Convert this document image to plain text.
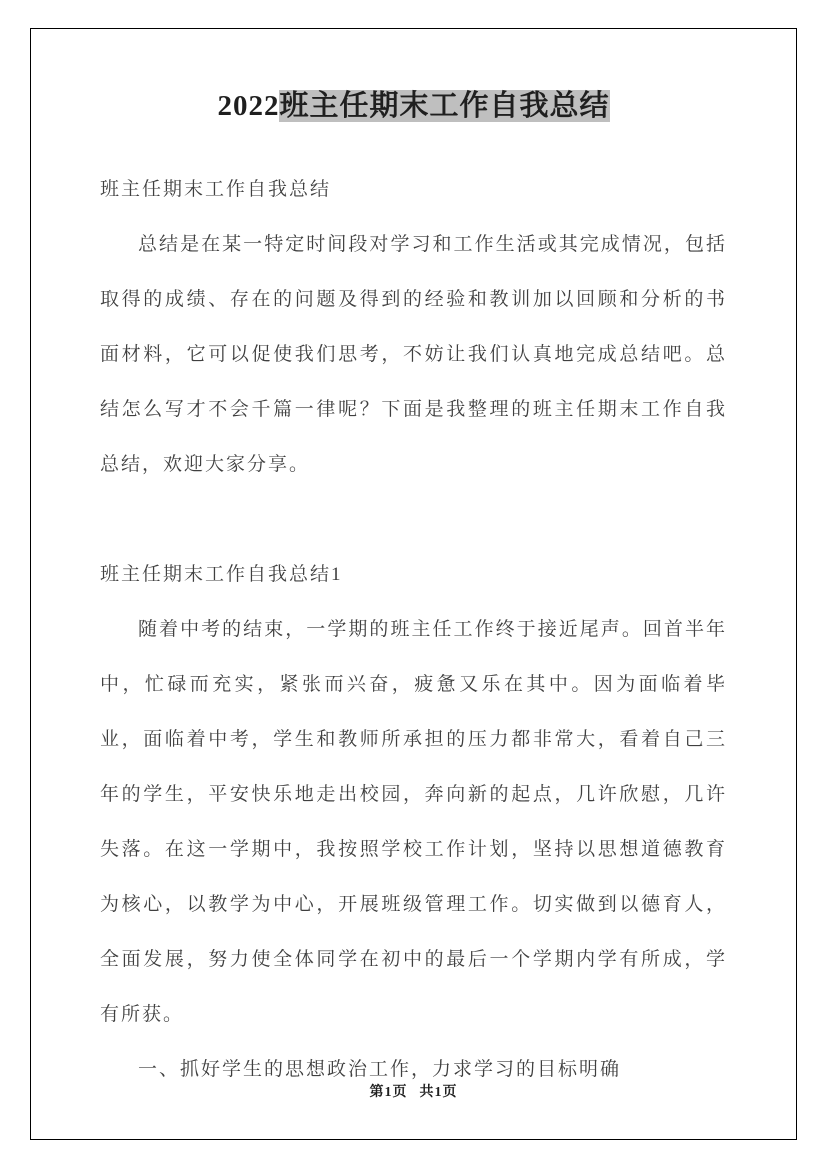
2022班主任期末工作自我总结

班主任期末工作自我总结

总结是在某一特定时间段对学习和工作生活或其完成情况，包括取得的成绩、存在的问题及得到的经验和教训加以回顾和分析的书面材料，它可以促使我们思考，不妨让我们认真地完成总结吧。总结怎么写才不会千篇一律呢？下面是我整理的班主任期末工作自我总结，欢迎大家分享。

班主任期末工作自我总结1

随着中考的结束，一学期的班主任工作终于接近尾声。回首半年中，忙碌而充实，紧张而兴奋，疲惫又乐在其中。因为面临着毕业，面临着中考，学生和教师所承担的压力都非常大，看着自己三年的学生，平安快乐地走出校园，奔向新的起点，几许欣慰，几许失落。在这一学期中，我按照学校工作计划，坚持以思想道德教育为核心，以教学为中心，开展班级管理工作。切实做到以德育人，全面发展，努力使全体同学在初中的最后一个学期内学有所成，学有所获。

一、抓好学生的思想政治工作，力求学习的目标明确

第1页 共1页
